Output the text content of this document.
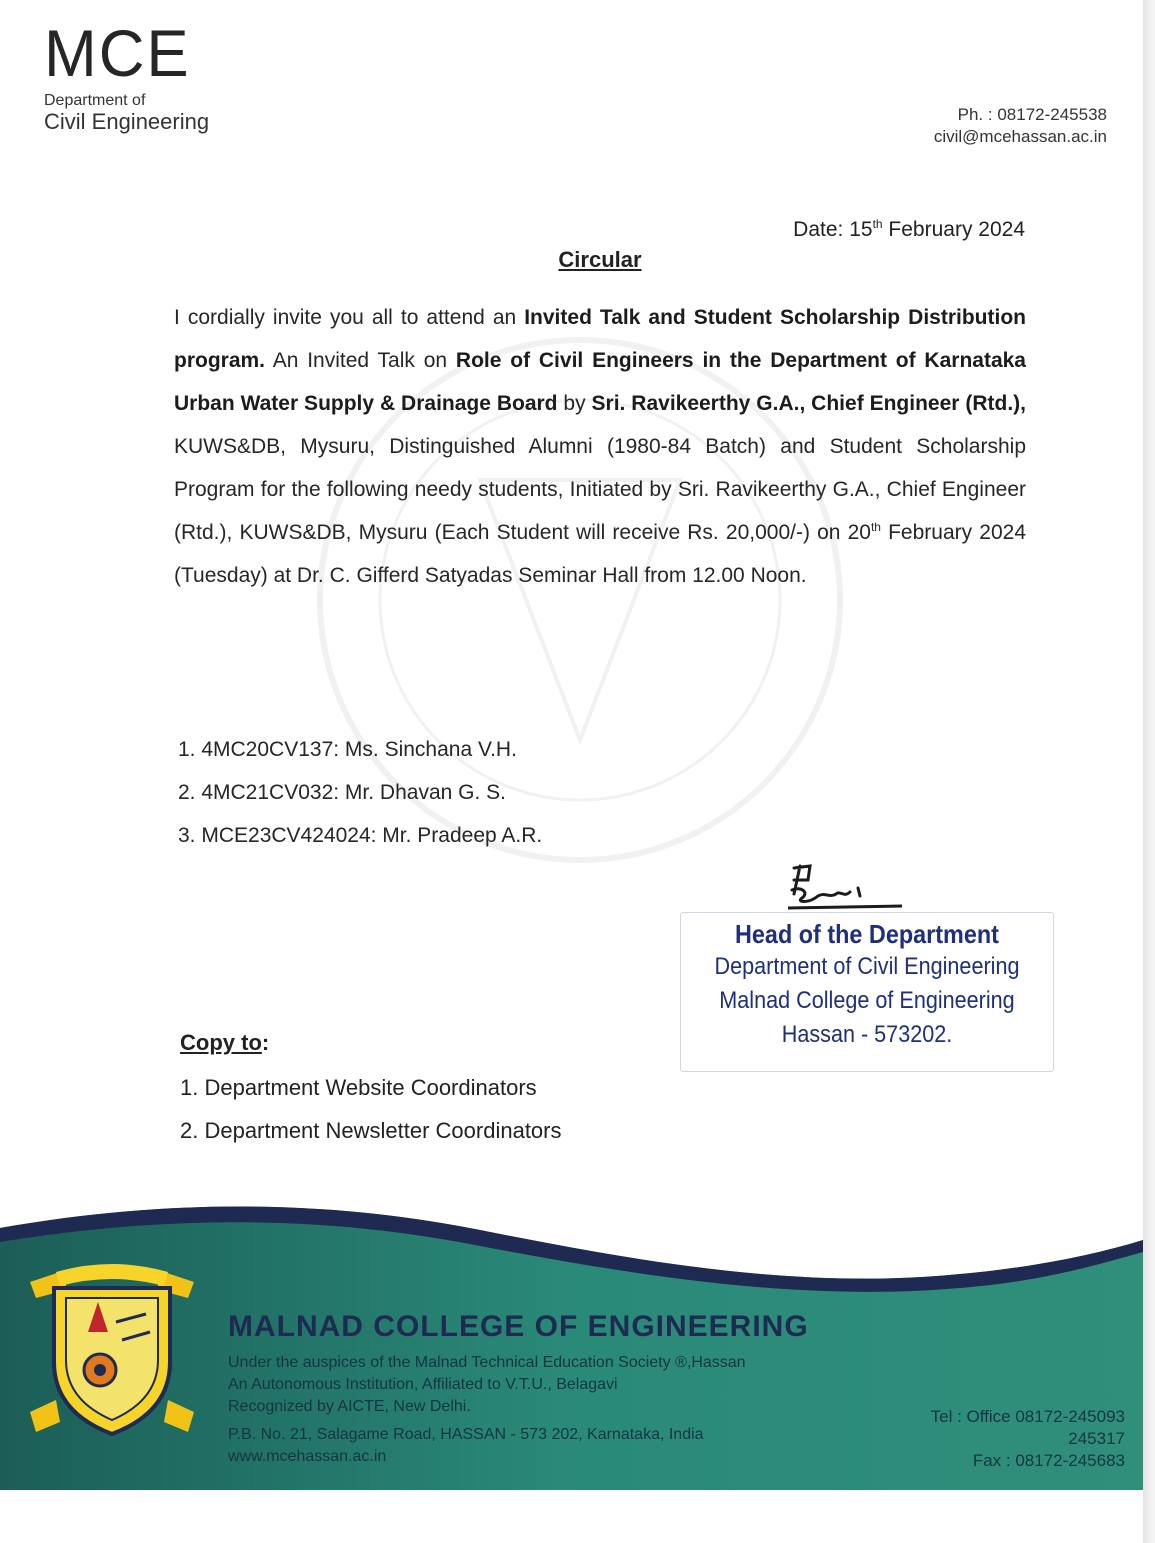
MCE
Department of
Civil Engineering	Ph. : 08172-245538
civil@mcehassan.ac.in
Date: 15th February 2024
Circular
I cordially invite you all to attend an Invited Talk and Student Scholarship Distribution program. An Invited Talk on Role of Civil Engineers in the Department of Karnataka Urban Water Supply & Drainage Board by Sri. Ravikeerthy G.A., Chief Engineer (Rtd.), KUWS&DB, Mysuru, Distinguished Alumni (1980-84 Batch) and Student Scholarship Program for the following needy students, Initiated by Sri. Ravikeerthy G.A., Chief Engineer (Rtd.), KUWS&DB, Mysuru (Each Student will receive Rs. 20,000/-) on 20th February 2024 (Tuesday) at Dr. C. Gifferd Satyadas Seminar Hall from 12.00 Noon.
1. 4MC20CV137: Ms. Sinchana V.H.
2. 4MC21CV032: Mr. Dhavan G. S.
3. MCE23CV424024: Mr. Pradeep A.R.
Head of the Department
Department of Civil Engineering
Malnad College of Engineering
Hassan - 573202.
Copy to:
1. Department Website Coordinators
2. Department Newsletter Coordinators
MALNAD COLLEGE OF ENGINEERING
Under the auspices of the Malnad Technical Education Society ®,Hassan
An Autonomous Institution, Affiliated to V.T.U., Belagavi
Recognized by AICTE, New Delhi.
P.B. No. 21, Salagame Road, HASSAN - 573 202, Karnataka, India
www.mcehassan.ac.in
Tel : Office 08172-245093
245317
Fax : 08172-245683
